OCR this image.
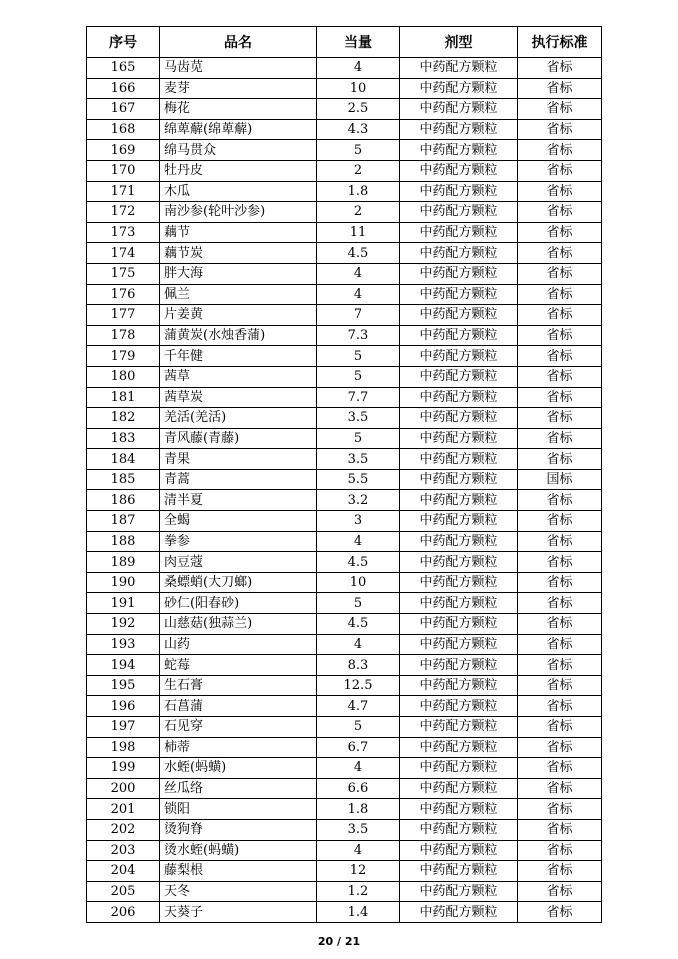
序号	品名	当量	剂型	执行标准
165	马齿苋	4	中药配方颗粒	省标
166	麦芽	10	中药配方颗粒	省标
167	梅花	2.5	中药配方颗粒	省标
168	绵萆薢(绵萆薢)	4.3	中药配方颗粒	省标
169	绵马贯众	5	中药配方颗粒	省标
170	牡丹皮	2	中药配方颗粒	省标
171	木瓜	1.8	中药配方颗粒	省标
172	南沙参(轮叶沙参)	2	中药配方颗粒	省标
173	藕节	11	中药配方颗粒	省标
174	藕节炭	4.5	中药配方颗粒	省标
175	胖大海	4	中药配方颗粒	省标
176	佩兰	4	中药配方颗粒	省标
177	片姜黄	7	中药配方颗粒	省标
178	蒲黄炭(水烛香蒲)	7.3	中药配方颗粒	省标
179	千年健	5	中药配方颗粒	省标
180	茜草	5	中药配方颗粒	省标
181	茜草炭	7.7	中药配方颗粒	省标
182	羌活(羌活)	3.5	中药配方颗粒	省标
183	青风藤(青藤)	5	中药配方颗粒	省标
184	青果	3.5	中药配方颗粒	省标
185	青蒿	5.5	中药配方颗粒	国标
186	清半夏	3.2	中药配方颗粒	省标
187	全蝎	3	中药配方颗粒	省标
188	拳参	4	中药配方颗粒	省标
189	肉豆蔻	4.5	中药配方颗粒	省标
190	桑螵蛸(大刀螂)	10	中药配方颗粒	省标
191	砂仁(阳春砂)	5	中药配方颗粒	省标
192	山慈菇(独蒜兰)	4.5	中药配方颗粒	省标
193	山药	4	中药配方颗粒	省标
194	蛇莓	8.3	中药配方颗粒	省标
195	生石膏	12.5	中药配方颗粒	省标
196	石菖蒲	4.7	中药配方颗粒	省标
197	石见穿	5	中药配方颗粒	省标
198	柿蒂	6.7	中药配方颗粒	省标
199	水蛭(蚂蟥)	4	中药配方颗粒	省标
200	丝瓜络	6.6	中药配方颗粒	省标
201	锁阳	1.8	中药配方颗粒	省标
202	烫狗脊	3.5	中药配方颗粒	省标
203	烫水蛭(蚂蟥)	4	中药配方颗粒	省标
204	藤梨根	12	中药配方颗粒	省标
205	天冬	1.2	中药配方颗粒	省标
206	天葵子	1.4	中药配方颗粒	省标
20 / 21
